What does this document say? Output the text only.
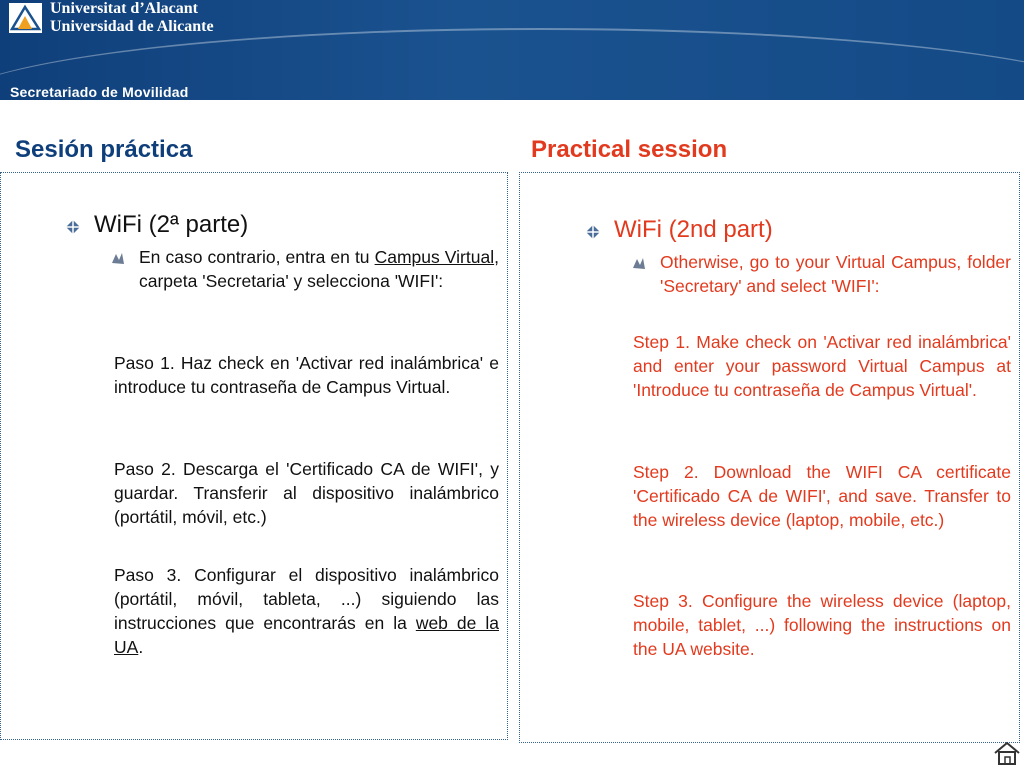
Universitat d’Alacant
Universidad de Alicante
Secretariado de Movilidad
Sesión práctica	Practical session
WiFi (2ª parte)
En caso contrario, entra en tu Campus Virtual, carpeta 'Secretaria' y selecciona 'WIFI':
Paso 1. Haz check en 'Activar red inalámbrica' e introduce tu contraseña de Campus Virtual.
Paso 2. Descarga el 'Certificado CA de WIFI', y guardar. Transferir al dispositivo inalámbrico (portátil, móvil, etc.)
Paso 3. Configurar el dispositivo inalámbrico (portátil, móvil, tableta, ...) siguiendo las instrucciones que encontrarás en la web de la UA.
WiFi (2nd part)
Otherwise, go to your Virtual Campus, folder 'Secretary' and select 'WIFI':
Step 1. Make check on 'Activar red inalámbrica' and enter your password Virtual Campus at 'Introduce tu contraseña de Campus Virtual'.
Step 2. Download the WIFI CA certificate 'Certificado CA de WIFI', and save. Transfer to the wireless device (laptop, mobile, etc.)
Step 3. Configure the wireless device (laptop, mobile, tablet, ...) following the instructions on the UA website.
